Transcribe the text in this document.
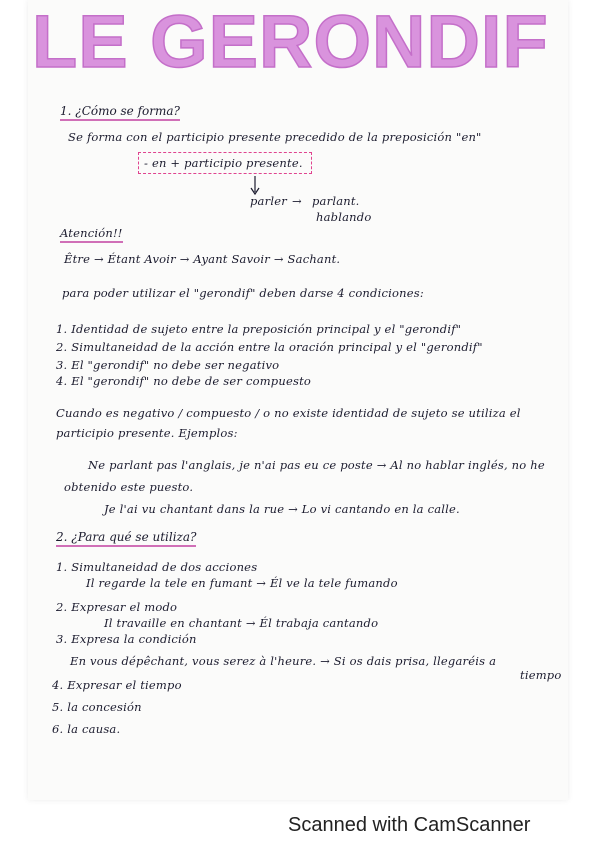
LE GERONDIF
1. ¿Cómo se forma?
Se forma con el participio presente precedido de la preposición "en"
- en + participio presente.
parler → parlant.
hablando
Atención!!
Être → Étant Avoir → Ayant Savoir → Sachant.
para poder utilizar el "gerondif" deben darse 4 condiciones:
1. Identidad de sujeto entre la preposición principal y el "gerondif"
2. Simultaneidad de la acción entre la oración principal y el "gerondif"
3. El "gerondif" no debe ser negativo
4. El "gerondif" no debe de ser compuesto
Cuando es negativo / compuesto / o no existe identidad de sujeto se utiliza el
participio presente. Ejemplos:
Ne parlant pas l'anglais, je n'ai pas eu ce poste → Al no hablar inglés, no he
obtenido este puesto.
Je l'ai vu chantant dans la rue → Lo vi cantando en la calle.
2. ¿Para qué se utiliza?
1. Simultaneidad de dos acciones
Il regarde la tele en fumant → Él ve la tele fumando
2. Expresar el modo
Il travaille en chantant → Él trabaja cantando
3. Expresa la condición
En vous dépêchant, vous serez à l'heure. → Si os dais prisa, llegaréis a
tiempo
4. Expresar el tiempo
5. la concesión
6. la causa.
Scanned with CamScanner
